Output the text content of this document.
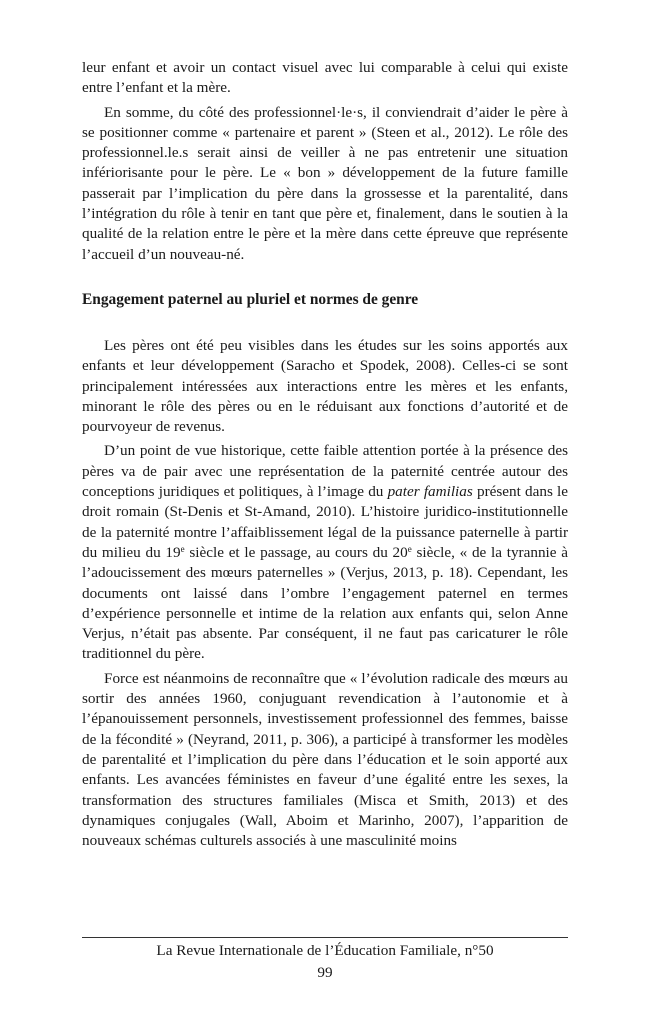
leur enfant et avoir un contact visuel avec lui comparable à celui qui existe entre l’enfant et la mère.

En somme, du côté des professionnel·le·s, il conviendrait d’aider le père à se positionner comme « partenaire et parent » (Steen et al., 2012). Le rôle des professionnel.le.s serait ainsi de veiller à ne pas entretenir une situation infériorisante pour le père. Le « bon » développement de la future famille passerait par l’implication du père dans la grossesse et la parentalité, dans l’intégration du rôle à tenir en tant que père et, finalement, dans le soutien à la qualité de la relation entre le père et la mère dans cette épreuve que représente l’accueil d’un nouveau-né.

Engagement paternel au pluriel et normes de genre

Les pères ont été peu visibles dans les études sur les soins apportés aux enfants et leur développement (Saracho et Spodek, 2008). Celles-ci se sont principalement intéressées aux interactions entre les mères et les enfants, minorant le rôle des pères ou en le réduisant aux fonctions d’autorité et de pourvoyeur de revenus.

D’un point de vue historique, cette faible attention portée à la présence des pères va de pair avec une représentation de la paternité centrée autour des conceptions juridiques et politiques, à l’image du pater familias présent dans le droit romain (St-Denis et St-Amand, 2010). L’histoire juridico-institutionnelle de la paternité montre l’affaiblissement légal de la puissance paternelle à partir du milieu du 19e siècle et le passage, au cours du 20e siècle, « de la tyrannie à l’adoucissement des mœurs paternelles » (Verjus, 2013, p. 18). Cependant, les documents ont laissé dans l’ombre l’engagement paternel en termes d’expérience personnelle et intime de la relation aux enfants qui, selon Anne Verjus, n’était pas absente. Par conséquent, il ne faut pas caricaturer le rôle traditionnel du père.

Force est néanmoins de reconnaître que « l’évolution radicale des mœurs au sortir des années 1960, conjuguant revendication à l’autonomie et à l’épanouissement personnels, investissement professionnel des femmes, baisse de la fécondité » (Neyrand, 2011, p. 306), a participé à transformer les modèles de parentalité et l’implication du père dans l’éducation et le soin apporté aux enfants. Les avancées féministes en faveur d’une égalité entre les sexes, la transformation des structures familiales (Misca et Smith, 2013) et des dynamiques conjugales (Wall, Aboim et Marinho, 2007), l’apparition de nouveaux schémas culturels associés à une masculinité moins

La Revue Internationale de l’Éducation Familiale, n°50
99
